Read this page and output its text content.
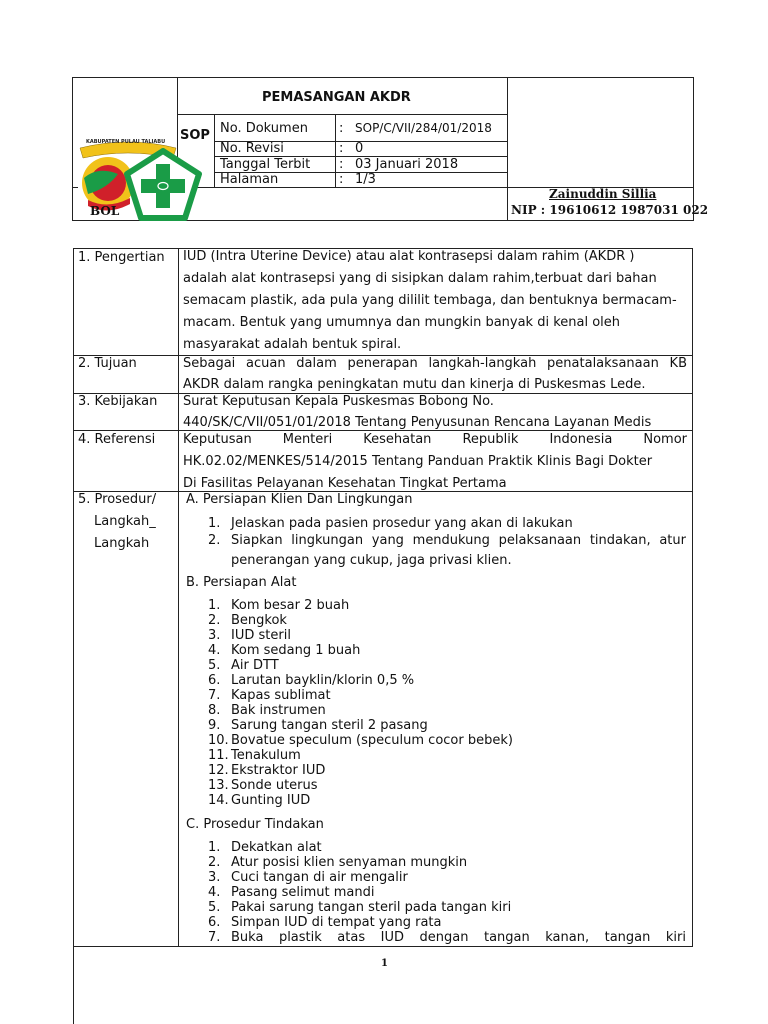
PEMASANGAN AKDR
SOP No. Dokumen : SOP/C/VII/284/01/2018
No. Revisi	: 0
Tanggal Terbit : 03 Januari 2018
Halaman	: 1/3
Zainuddin Sillia
NIP : 19610612 1987031 022
KABUPATEN PULAU TALIABU
BOL
1. Pengertian IUD (Intra Uterine Device) atau alat kontrasepsi dalam rahim (AKDR )
adalah alat kontrasepsi yang di sisipkan dalam rahim,terbuat dari bahan
semacam plastik, ada pula yang dililit tembaga, dan bentuknya bermacam-
macam. Bentuk yang umumnya dan mungkin banyak di kenal oleh
masyarakat adalah bentuk spiral.
2. Tujuan	Sebagai acuan dalam penerapan langkah-langkah penatalaksanaan KB
AKDR dalam rangka peningkatan mutu dan kinerja di Puskesmas Lede.
3. Kebijakan Surat Keputusan Kepala Puskesmas Bobong No.
440/SK/C/VII/051/01/2018 Tentang Penyusunan Rencana Layanan Medis
4. Referensi Keputusan Menteri Kesehatan Republik Indonesia Nomor
HK.02.02/MENKES/514/2015 Tentang Panduan Praktik Klinis Bagi Dokter
Di Fasilitas Pelayanan Kesehatan Tingkat Pertama
5. Prosedur/
Langkah_
Langkah
A. Persiapan Klien Dan Lingkungan
1. Jelaskan pada pasien prosedur yang akan di lakukan
2. Siapkan lingkungan yang mendukung pelaksanaan tindakan, atur
penerangan yang cukup, jaga privasi klien.
B. Persiapan Alat
1. Kom besar 2 buah
2. Bengkok
3. IUD steril
4. Kom sedang 1 buah
5. Air DTT
6. Larutan bayklin/klorin 0,5 %
7. Kapas sublimat
8. Bak instrumen
9. Sarung tangan steril 2 pasang
10. Bovatue speculum (speculum cocor bebek)
11. Tenakulum
12. Ekstraktor IUD
13. Sonde uterus
14. Gunting IUD
C. Prosedur Tindakan
1. Dekatkan alat
2. Atur posisi klien senyaman mungkin
3. Cuci tangan di air mengalir
4. Pasang selimut mandi
5. Pakai sarung tangan steril pada tangan kiri
6. Simpan IUD di tempat yang rata
7. Buka plastik atas IUD dengan tangan kanan, tangan kiri
1
